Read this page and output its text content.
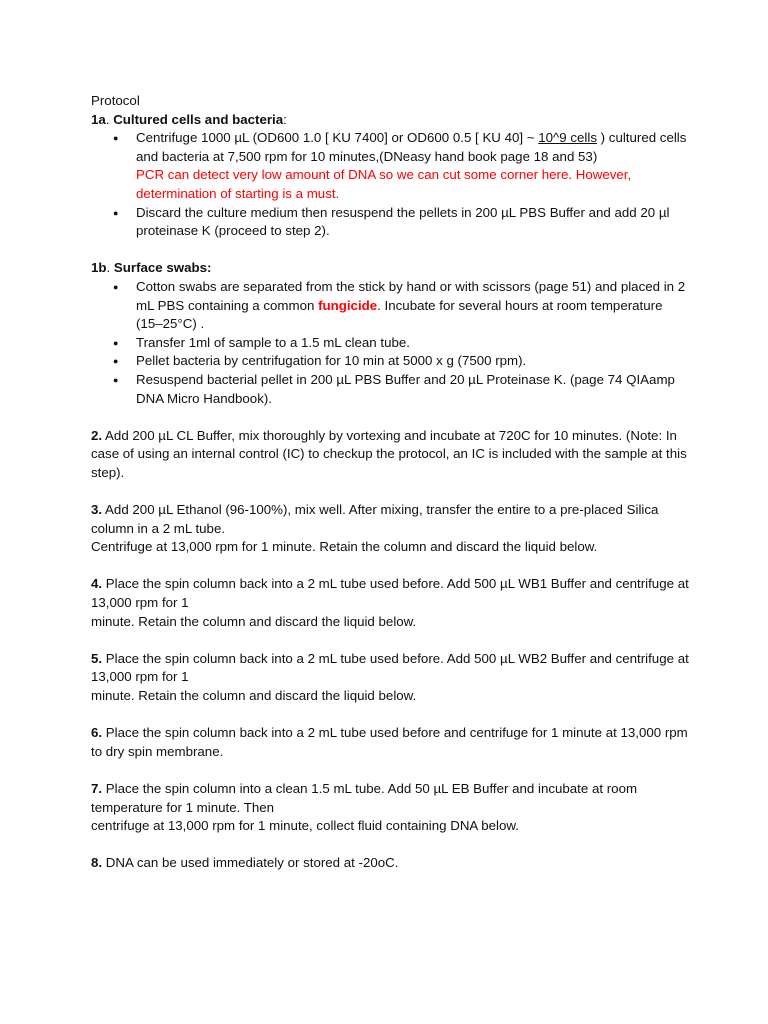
Protocol

1a. Cultured cells and bacteria:

● Centrifuge 1000 µL (OD600 1.0 [ KU 7400] or OD600 0.5 [ KU 40] ~ 10^9 cells ) cultured cells and bacteria at 7,500 rpm for 10 minutes,(DNeasy hand book page 18 and 53)
PCR can detect very low amount of DNA so we can cut some corner here. However, determination of starting is a must.
● Discard the culture medium then resuspend the pellets in 200 µL PBS Buffer and add 20 µl proteinase K (proceed to step 2).

1b. Surface swabs:

● Cotton swabs are separated from the stick by hand or with scissors (page 51) and placed in 2 mL PBS containing a common fungicide. Incubate for several hours at room temperature (15–25°C) .
● Transfer 1ml of sample to a 1.5 mL clean tube.
● Pellet bacteria by centrifugation for 10 min at 5000 x g (7500 rpm).
● Resuspend bacterial pellet in 200 µL PBS Buffer and 20 µL Proteinase K. (page 74 QIAamp DNA Micro Handbook).

2. Add 200 µL CL Buffer, mix thoroughly by vortexing and incubate at 720C for 10 minutes. (Note: In case of using an internal control (IC) to checkup the protocol, an IC is included with the sample at this step).

3. Add 200 µL Ethanol (96-100%), mix well. After mixing, transfer the entire to a pre-placed Silica column in a 2 mL tube.
Centrifuge at 13,000 rpm for 1 minute. Retain the column and discard the liquid below.

4. Place the spin column back into a 2 mL tube used before. Add 500 µL WB1 Buffer and centrifuge at 13,000 rpm for 1
minute. Retain the column and discard the liquid below.

5. Place the spin column back into a 2 mL tube used before. Add 500 µL WB2 Buffer and centrifuge at 13,000 rpm for 1
minute. Retain the column and discard the liquid below.

6. Place the spin column back into a 2 mL tube used before and centrifuge for 1 minute at 13,000 rpm to dry spin membrane.

7. Place the spin column into a clean 1.5 mL tube. Add 50 µL EB Buffer and incubate at room temperature for 1 minute. Then
centrifuge at 13,000 rpm for 1 minute, collect fluid containing DNA below.

8. DNA can be used immediately or stored at -20oC.
